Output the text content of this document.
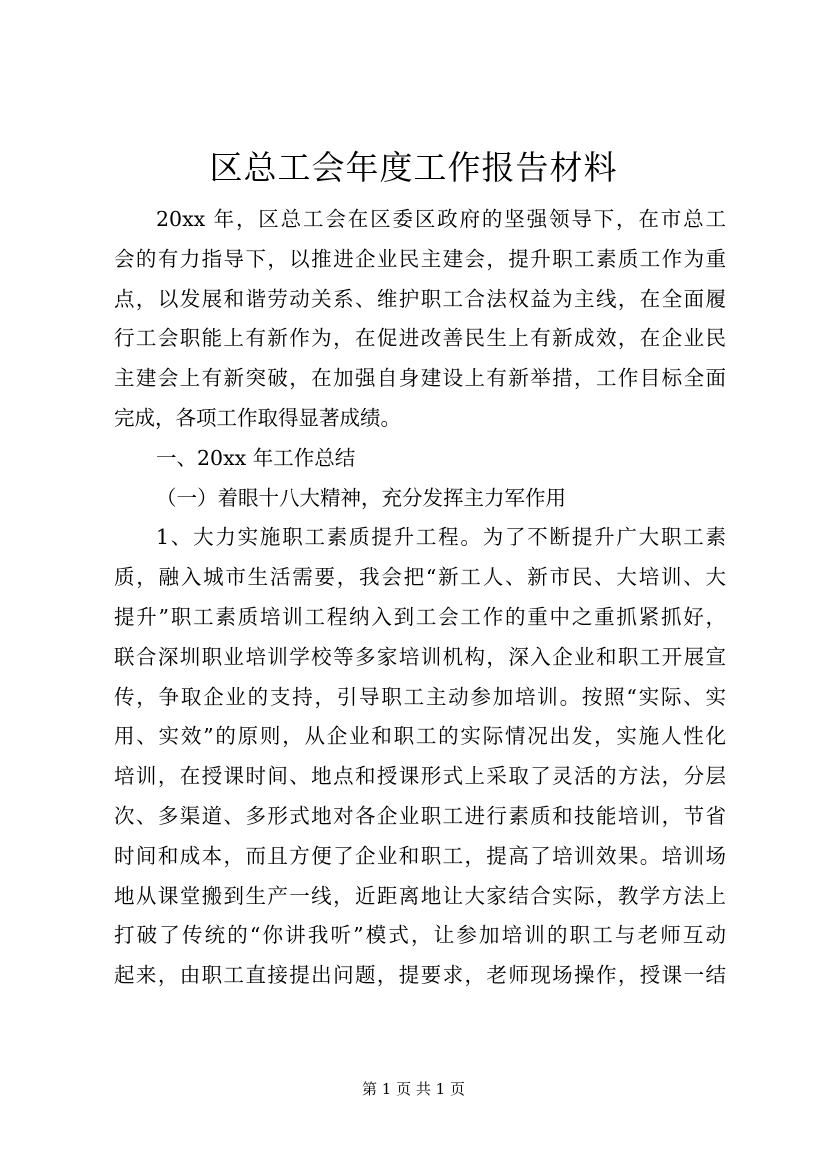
区总工会年度工作报告材料
20xx 年，区总工会在区委区政府的坚强领导下，在市总工
会的有力指导下，以推进企业民主建会，提升职工素质工作为重
点，以发展和谐劳动关系、维护职工合法权益为主线，在全面履
行工会职能上有新作为，在促进改善民生上有新成效，在企业民
主建会上有新突破，在加强自身建设上有新举措，工作目标全面
完成，各项工作取得显著成绩。
一、20xx 年工作总结
（一）着眼十八大精神，充分发挥主力军作用
1、大力实施职工素质提升工程。为了不断提升广大职工素
质，融入城市生活需要，我会把“新工人、新市民、大培训、大
提升”职工素质培训工程纳入到工会工作的重中之重抓紧抓好，
联合深圳职业培训学校等多家培训机构，深入企业和职工开展宣
传，争取企业的支持，引导职工主动参加培训。按照“实际、实
用、实效”的原则，从企业和职工的实际情况出发，实施人性化
培训，在授课时间、地点和授课形式上采取了灵活的方法，分层
次、多渠道、多形式地对各企业职工进行素质和技能培训，节省
时间和成本，而且方便了企业和职工，提高了培训效果。培训场
地从课堂搬到生产一线，近距离地让大家结合实际，教学方法上
打破了传统的“你讲我听”模式，让参加培训的职工与老师互动
起来，由职工直接提出问题，提要求，老师现场操作，授课一结
第 1 页 共 1 页
